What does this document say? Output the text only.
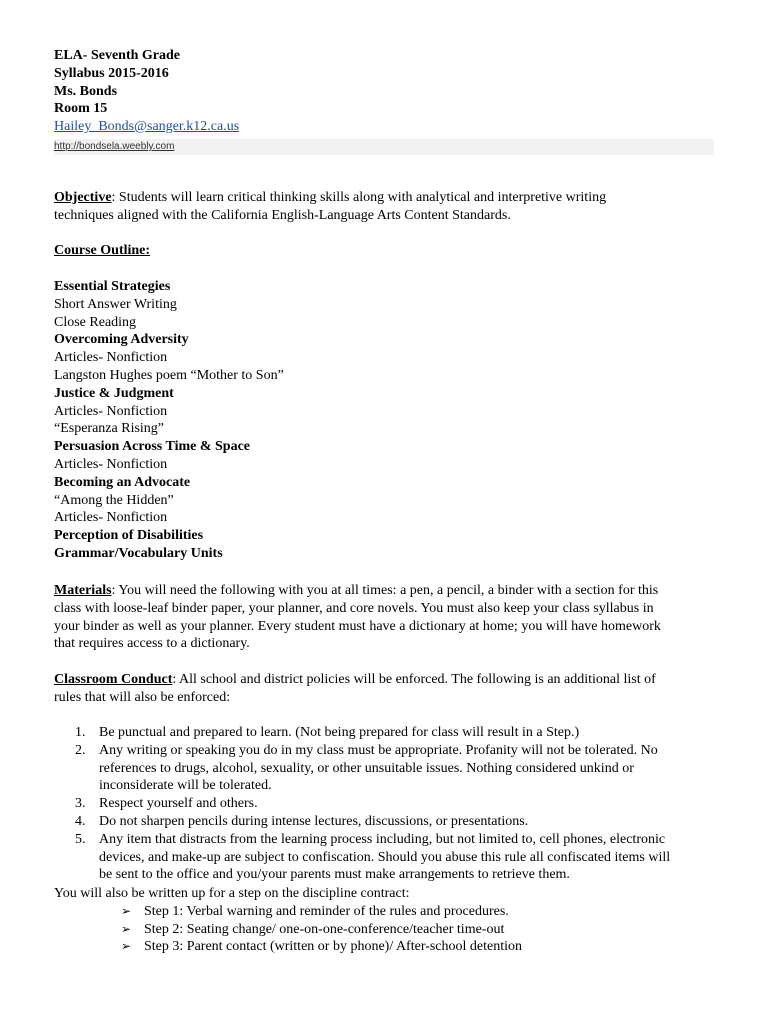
ELA- Seventh Grade
Syllabus 2015-2016
Ms. Bonds
Room 15
Hailey_Bonds@sanger.k12.ca.us
http://bondsela.weebly.com
Objective: Students will learn critical thinking skills along with analytical and interpretive writing
techniques aligned with the California English-Language Arts Content Standards.
Course Outline:
Essential Strategies
Short Answer Writing
Close Reading
Overcoming Adversity
Articles- Nonfiction
Langston Hughes poem “Mother to Son”
Justice & Judgment
Articles- Nonfiction
“Esperanza Rising”
Persuasion Across Time & Space
Articles- Nonfiction
Becoming an Advocate
“Among the Hidden”
Articles- Nonfiction
Perception of Disabilities
Grammar/Vocabulary Units
Materials: You will need the following with you at all times: a pen, a pencil, a binder with a section for this
class with loose-leaf binder paper, your planner, and core novels. You must also keep your class syllabus in
your binder as well as your planner. Every student must have a dictionary at home; you will have homework
that requires access to a dictionary.
Classroom Conduct: All school and district policies will be enforced. The following is an additional list of
rules that will also be enforced:
1. Be punctual and prepared to learn. (Not being prepared for class will result in a Step.)
2. Any writing or speaking you do in my class must be appropriate. Profanity will not be tolerated. No
references to drugs, alcohol, sexuality, or other unsuitable issues. Nothing considered unkind or
inconsiderate will be tolerated.
3. Respect yourself and others.
4. Do not sharpen pencils during intense lectures, discussions, or presentations.
5. Any item that distracts from the learning process including, but not limited to, cell phones, electronic
devices, and make-up are subject to confiscation. Should you abuse this rule all confiscated items will
be sent to the office and you/your parents must make arrangements to retrieve them.
You will also be written up for a step on the discipline contract:
➢ Step 1: Verbal warning and reminder of the rules and procedures.
➢ Step 2: Seating change/ one-on-one-conference/teacher time-out
➢ Step 3: Parent contact (written or by phone)/ After-school detention
